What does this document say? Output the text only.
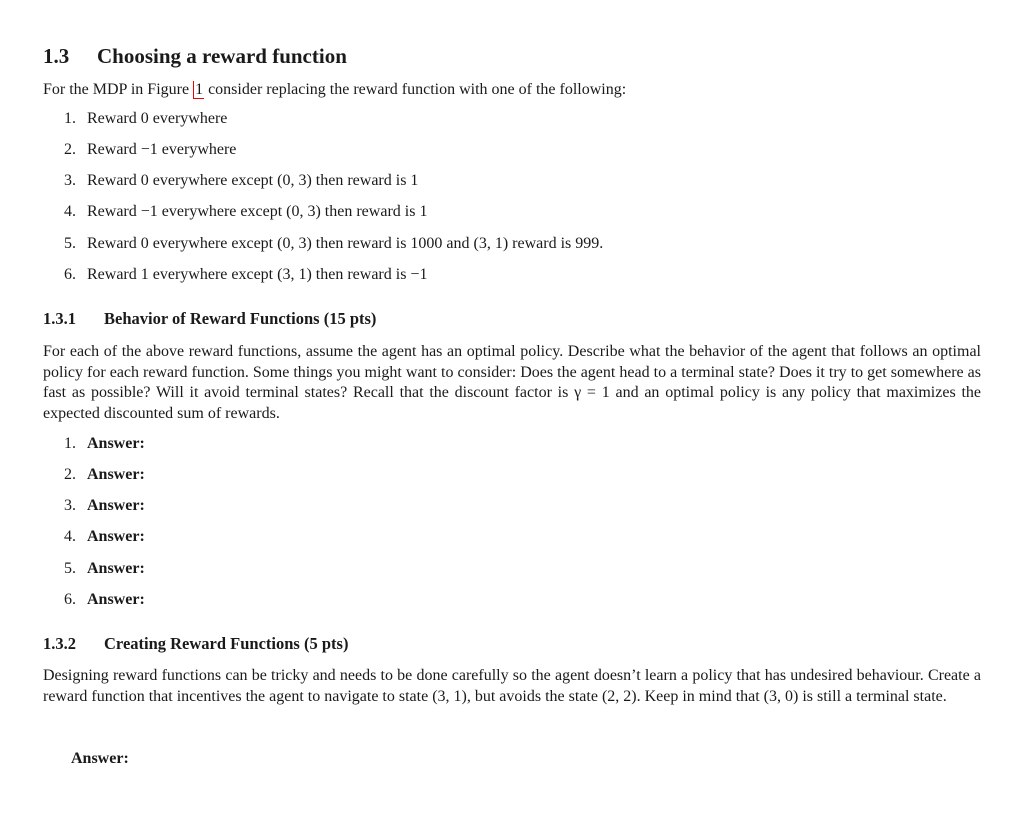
1.3 Choosing a reward function
For the MDP in Figure 1 consider replacing the reward function with one of the following:
1. Reward 0 everywhere
2. Reward −1 everywhere
3. Reward 0 everywhere except (0, 3) then reward is 1
4. Reward −1 everywhere except (0, 3) then reward is 1
5. Reward 0 everywhere except (0, 3) then reward is 1000 and (3, 1) reward is 999.
6. Reward 1 everywhere except (3, 1) then reward is −1
1.3.1 Behavior of Reward Functions (15 pts)
For each of the above reward functions, assume the agent has an optimal policy. Describe what the behavior of the agent that follows an optimal policy for each reward function. Some things you might want to consider: Does the agent head to a terminal state? Does it try to get somewhere as fast as possible? Will it avoid terminal states? Recall that the discount factor is γ = 1 and an optimal policy is any policy that maximizes the expected discounted sum of rewards.
1. Answer:
2. Answer:
3. Answer:
4. Answer:
5. Answer:
6. Answer:
1.3.2 Creating Reward Functions (5 pts)
Designing reward functions can be tricky and needs to be done carefully so the agent doesn’t learn a policy that has undesired behaviour. Create a reward function that incentives the agent to navigate to state (3, 1), but avoids the state (2, 2). Keep in mind that (3, 0) is still a terminal state.
Answer:
